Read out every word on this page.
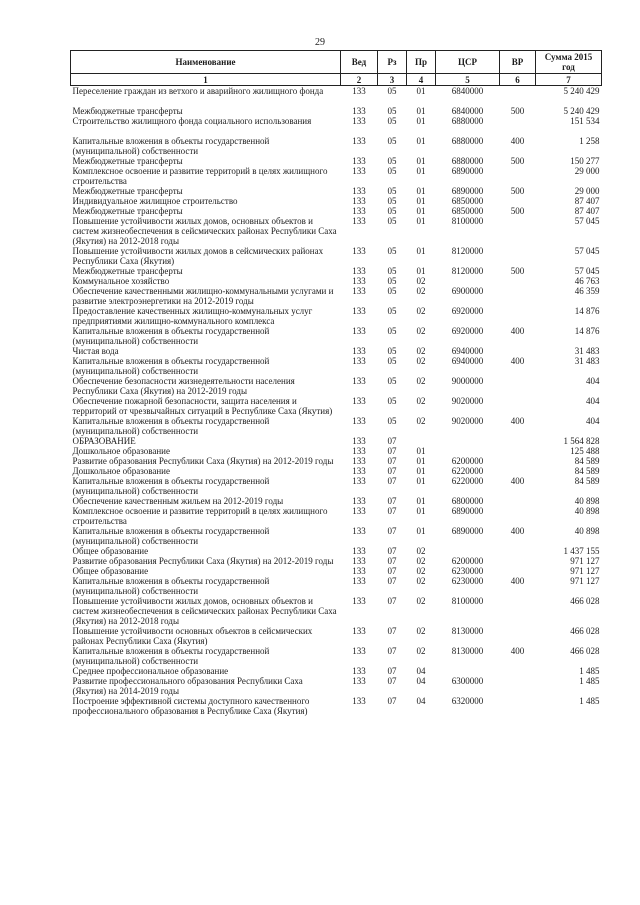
29
Наименование	Вед	Рз	Пр	ЦСР	ВР	Сумма 2015 год
1	2	3	4	5	6	7
Переселение граждан из ветхого и аварийного жилищного фонда	133	05	01	6840000		5 240 429
Межбюджетные трансферты	133	05	01	6840000	500	5 240 429
Строительство жилищного фонда социального использования	133	05	01	6880000		151 534
Капитальные вложения в объекты государственной (муниципальной) собственности	133	05	01	6880000	400	1 258
Межбюджетные трансферты	133	05	01	6880000	500	150 277
Комплексное освоение и развитие территорий в целях жилищного строительства	133	05	01	6890000		29 000
Межбюджетные трансферты	133	05	01	6890000	500	29 000
Индивидуальное жилищное строительство	133	05	01	6850000		87 407
Межбюджетные трансферты	133	05	01	6850000	500	87 407
Повышение устойчивости жилых домов, основных объектов и систем жизнеобеспечения в сейсмических районах Республики Саха (Якутия) на 2012-2018 годы	133	05	01	8100000		57 045
Повышение устойчивости жилых домов в сейсмических районах Республики Саха (Якутия)	133	05	01	8120000		57 045
Межбюджетные трансферты	133	05	01	8120000	500	57 045
Коммунальное хозяйство	133	05	02			46 763
Обеспечение качественными жилищно-коммунальными услугами и развитие электроэнергетики на 2012-2019 годы	133	05	02	6900000		46 359
Предоставление качественных жилищно-коммунальных услуг предприятиями жилищно-коммунального комплекса	133	05	02	6920000		14 876
Капитальные вложения в объекты государственной (муниципальной) собственности	133	05	02	6920000	400	14 876
Чистая вода	133	05	02	6940000		31 483
Капитальные вложения в объекты государственной (муниципальной) собственности	133	05	02	6940000	400	31 483
Обеспечение безопасности жизнедеятельности населения Республики Саха (Якутия) на 2012-2019 годы	133	05	02	9000000		404
Обеспечение пожарной безопасности, защита населения и территорий от чрезвычайных ситуаций в Республике Саха (Якутия)	133	05	02	9020000		404
Капитальные вложения в объекты государственной (муниципальной) собственности	133	05	02	9020000	400	404
ОБРАЗОВАНИЕ	133	07				1 564 828
Дошкольное образование	133	07	01			125 488
Развитие образования Республики Саха (Якутия) на 2012-2019 годы	133	07	01	6200000		84 589
Дошкольное образование	133	07	01	6220000		84 589
Капитальные вложения в объекты государственной (муниципальной) собственности	133	07	01	6220000	400	84 589
Обеспечение качественным жильем на 2012-2019 годы	133	07	01	6800000		40 898
Комплексное освоение и развитие территорий в целях жилищного строительства	133	07	01	6890000		40 898
Капитальные вложения в объекты государственной (муниципальной) собственности	133	07	01	6890000	400	40 898
Общее образование	133	07	02			1 437 155
Развитие образования Республики Саха (Якутия) на 2012-2019 годы	133	07	02	6200000		971 127
Общее образование	133	07	02	6230000		971 127
Капитальные вложения в объекты государственной (муниципальной) собственности	133	07	02	6230000	400	971 127
Повышение устойчивости жилых домов, основных объектов и систем жизнеобеспечения в сейсмических районах Республики Саха (Якутия) на 2012-2018 годы	133	07	02	8100000		466 028
Повышение устойчивости основных объектов в сейсмических районах Республики Саха (Якутия)	133	07	02	8130000		466 028
Капитальные вложения в объекты государственной (муниципальной) собственности	133	07	02	8130000	400	466 028
Среднее профессиональное образование	133	07	04			1 485
Развитие профессионального образования Республики Саха (Якутия) на 2014-2019 годы	133	07	04	6300000		1 485
Построение эффективной системы доступного качественного профессионального образования в Республике Саха (Якутия)	133	07	04	6320000		1 485
